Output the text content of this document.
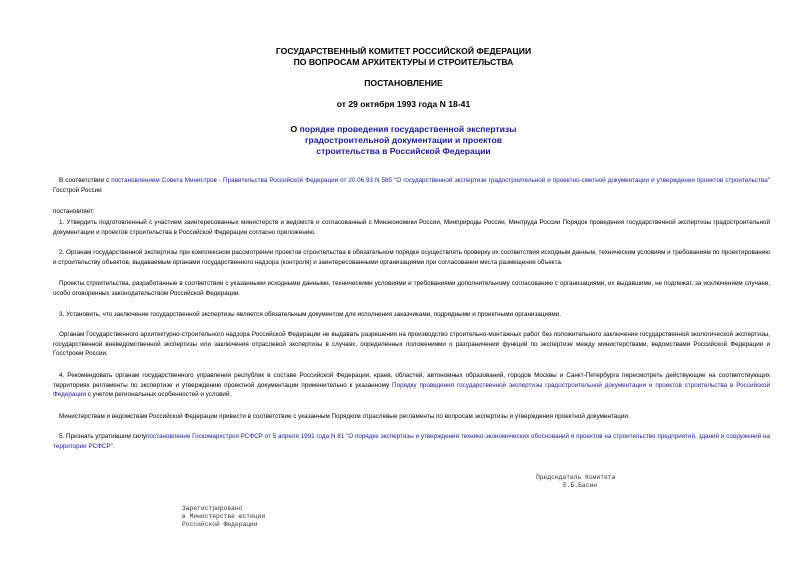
ГОСУДАРСТВЕННЫЙ КОМИТЕТ РОССИЙСКОЙ ФЕДЕРАЦИИ
ПО ВОПРОСАМ АРХИТЕКТУРЫ И СТРОИТЕЛЬСТВА
ПОСТАНОВЛЕНИЕ
от 29 октября 1993 года N 18-41
О порядке проведения государственной экспертизы
градостроительной документации и проектов
строительства в Российской Федерации
В соответствии с постановлением Совета Министров - Правительства Российской Федерации от 20.06.93 N 585 "О государственной экспертизе градостроительной и проектно-сметной документации и утверждении проектов строительства" Госстрой России
постановляет:
1. Утвердить подготовленный с участием заинтересованных министерств и ведомств и согласованный с Минэкономики России, Минприроды России, Минтруда России Порядок проведения государственной экспертизы градостроительной документации и проектов строительства в Российской Федерации согласно приложению.
2. Органам государственной экспертизы при комплексном рассмотрении проектов строительства в обязательном порядке осуществлять проверку их соответствия исходным данным, техническим условиям и требованиям по проектированию и строительству объектов, выдаваемым органами государственного надзора (контроля) и заинтересованными организациями при согласовании места размещения объекта.
Проекты строительства, разработанные в соответствии с указанными исходными данными, техническими условиями и требованиями дополнительному согласованию с организациями, их выдавшими, не подлежат, за исключением случаев, особо оговоренных законодательством Российской Федерации.
3. Установить, что заключение государственной экспертизы является обязательным документом для исполнения заказчиками, подрядными и проектными организациями.
Органам Государственного архитектурно-строительного надзора Российской Федерации не выдавать разрешения на производство строительно-монтажных работ без положительного заключения государственной экологической экспертизы, государственной вневедомственной экспертизы или заключения отраслевой экспертизы в случаях, определенных положениями о разграничении функций по экспертизе между министерствами, ведомствами Российской Федерации и Госстроем России.
4. Рекомендовать органам государственного управления республик в составе Российской Федерации, краев, областей, автономных образований, городов Москвы и Санкт-Петербурга пересмотреть действующие на соответствующих территориях регламенты по экспертизе и утверждению проектной документации применительно к указанному Порядку проведения государственной экспертизы градостроительной документации и проектов строительства в Российской Федерации с учетом региональных особенностей и условий.
Министерствам и ведомствам Российской Федерации привести в соответствие с указанным Порядком отраслевые регламенты по вопросам экспертизы и утверждения проектной документации.
5. Признать утратившим силупостановление Госкомархстроя РСФСР от 5 апреля 1991 года N 81 "О порядке экспертизы и утверждения технико-экономических обоснований и проектов на строительство предприятий, зданий и сооружений на территории РСФСР".
Председатель Комитета
Е.Б.Басин
Зарегистрировано
в Министерстве юстиции
Российской Федерации
